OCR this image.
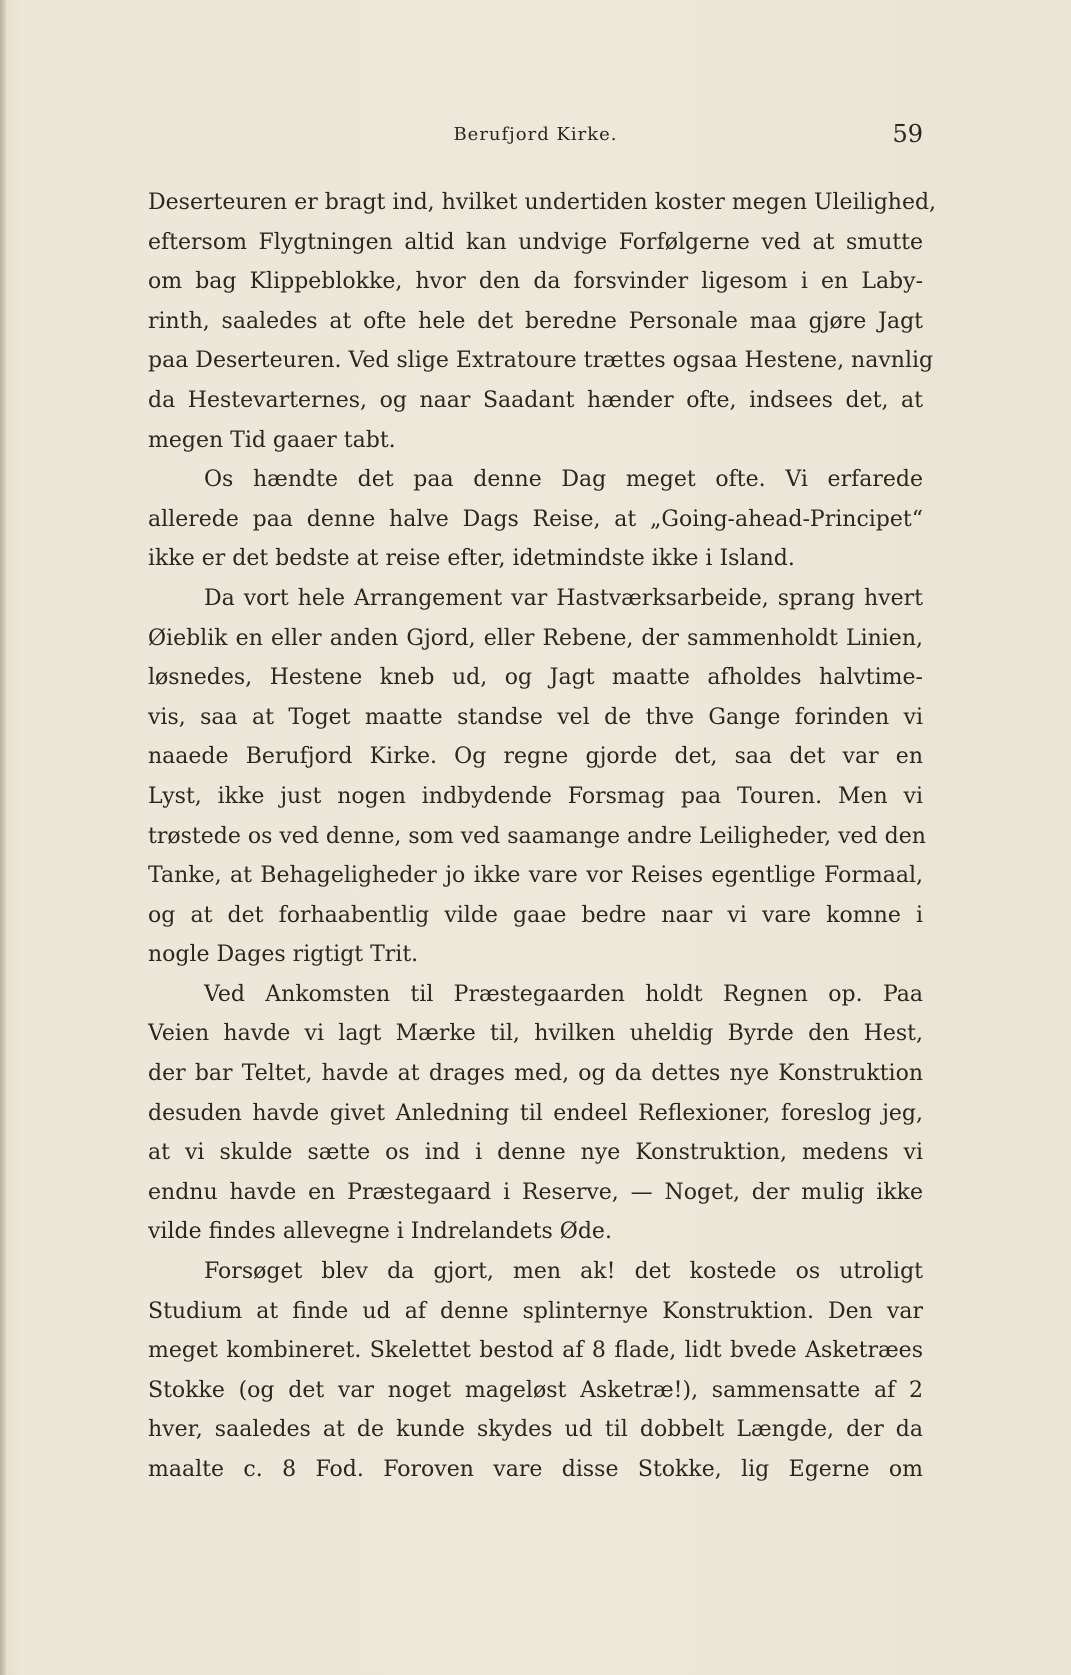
Berufjord Kirke.	59
Deserteuren er bragt ind, hvilket undertiden koster megen Uleilighed,
eftersom Flygtningen altid kan undvige Forfølgerne ved at smutte
om bag Klippeblokke, hvor den da forsvinder ligesom i en Laby-
rinth, saaledes at ofte hele det beredne Personale maa gjøre Jagt
paa Deserteuren. Ved slige Extratoure trættes ogsaa Hestene, navnlig
da Hestevarternes, og naar Saadant hænder ofte, indsees det, at
megen Tid gaaer tabt.
Os hændte det paa denne Dag meget ofte. Vi erfarede
allerede paa denne halve Dags Reise, at „Going-ahead-Principet“
ikke er det bedste at reise efter, idetmindste ikke i Island.
Da vort hele Arrangement var Hastværksarbeide, sprang hvert
Øieblik en eller anden Gjord, eller Rebene, der sammenholdt Linien,
løsnedes, Hestene kneb ud, og Jagt maatte afholdes halvtime-
vis, saa at Toget maatte standse vel de thve Gange forinden vi
naaede Berufjord Kirke. Og regne gjorde det, saa det var en
Lyst, ikke just nogen indbydende Forsmag paa Touren. Men vi
trøstede os ved denne, som ved saamange andre Leiligheder, ved den
Tanke, at Behageligheder jo ikke vare vor Reises egentlige Formaal,
og at det forhaabentlig vilde gaae bedre naar vi vare komne i
nogle Dages rigtigt Trit.
Ved Ankomsten til Præstegaarden holdt Regnen op. Paa
Veien havde vi lagt Mærke til, hvilken uheldig Byrde den Hest,
der bar Teltet, havde at drages med, og da dettes nye Konstruktion
desuden havde givet Anledning til endeel Reflexioner, foreslog jeg,
at vi skulde sætte os ind i denne nye Konstruktion, medens vi
endnu havde en Præstegaard i Reserve, — Noget, der mulig ikke
vilde findes allevegne i Indrelandets Øde.
Forsøget blev da gjort, men ak! det kostede os utroligt
Studium at finde ud af denne splinternye Konstruktion. Den var
meget kombineret. Skelettet bestod af 8 flade, lidt bvede Asketræes
Stokke (og det var noget mageløst Asketræ!), sammensatte af 2
hver, saaledes at de kunde skydes ud til dobbelt Længde, der da
maalte c. 8 Fod. Foroven vare disse Stokke, lig Egerne om
